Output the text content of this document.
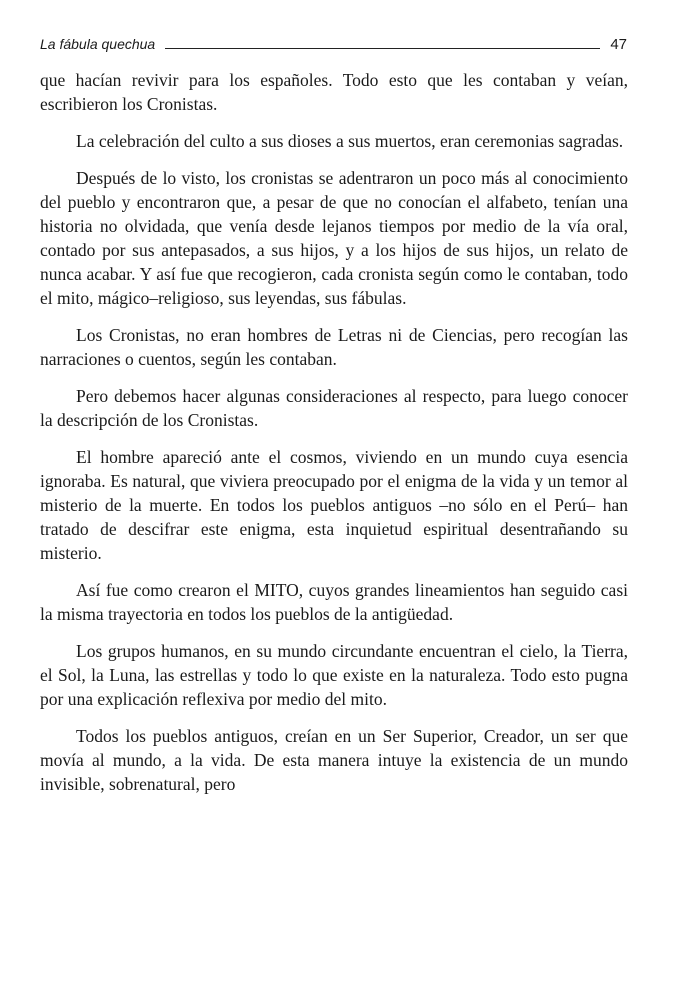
La fábula quechua	47

que hacían revivir para los españoles. Todo esto que les contaban y veían, escribieron los Cronistas.

La celebración del culto a sus dioses a sus muertos, eran ceremonias sagradas.

Después de lo visto, los cronistas se adentraron un poco más al conocimiento del pueblo y encontraron que, a pesar de que no conocían el alfabeto, tenían una historia no olvidada, que venía desde lejanos tiempos por medio de la vía oral, contado por sus antepasados, a sus hijos, y a los hijos de sus hijos, un relato de nunca acabar. Y así fue que recogieron, cada cronista según como le contaban, todo el mito, mágico–religioso, sus leyendas, sus fábulas.

Los Cronistas, no eran hombres de Letras ni de Ciencias, pero recogían las narraciones o cuentos, según les contaban.

Pero debemos hacer algunas consideraciones al respecto, para luego conocer la descripción de los Cronistas.

El hombre apareció ante el cosmos, viviendo en un mundo cuya esencia ignoraba. Es natural, que viviera preocupado por el enigma de la vida y un temor al misterio de la muerte. En todos los pueblos antiguos –no sólo en el Perú– han tratado de descifrar este enigma, esta inquietud espiritual desentrañando su misterio.

Así fue como crearon el MITO, cuyos grandes lineamientos han seguido casi la misma trayectoria en todos los pueblos de la antigüedad.

Los grupos humanos, en su mundo circundante encuentran el cielo, la Tierra, el Sol, la Luna, las estrellas y todo lo que existe en la naturaleza. Todo esto pugna por una explicación reflexiva por medio del mito.

Todos los pueblos antiguos, creían en un Ser Superior, Creador, un ser que movía al mundo, a la vida. De esta manera intuye la existencia de un mundo invisible, sobrenatural, pero
